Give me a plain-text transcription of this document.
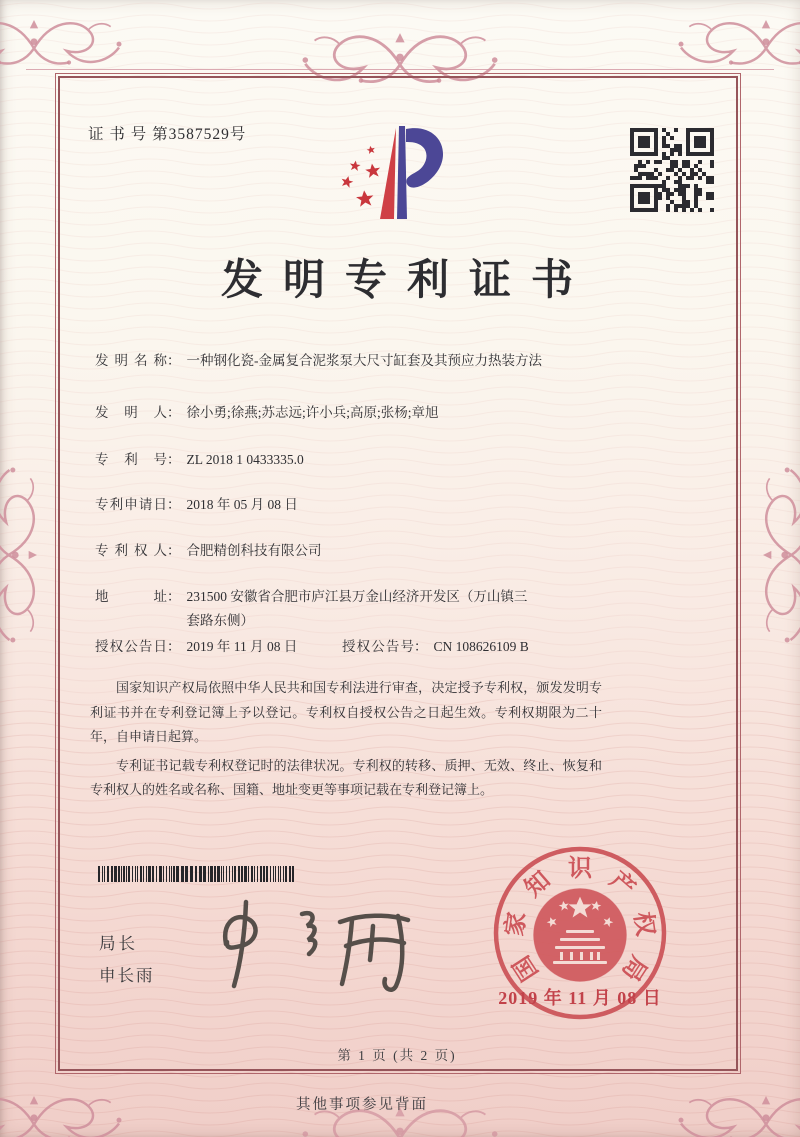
证 书 号 第3587529号
发明专利证书
发明名称： 一种钢化瓷-金属复合泥浆泵大尺寸缸套及其预应力热装方法
发明人： 徐小勇;徐燕;苏志远;许小兵;高原;张杨;章旭
专利号： ZL 2018 1 0433335.0
专利申请日： 2018 年 05 月 08 日
专利权人： 合肥精创科技有限公司
地址： 231500 安徽省合肥市庐江县万金山经济开发区（万山镇三套路东侧）
授权公告日： 2019 年 11 月 08 日	授权公告号： CN 108626109 B

国家知识产权局依照中华人民共和国专利法进行审查，决定授予专利权，颁发发明专利证书并在专利登记簿上予以登记。专利权自授权公告之日起生效。专利权期限为二十年，自申请日起算。

专利证书记载专利权登记时的法律状况。专利权的转移、质押、无效、终止、恢复和专利权人的姓名或名称、国籍、地址变更等事项记载在专利登记簿上。

局长
申长雨	国
家
知 识 产
权
局
2019 年 11 月 08 日
第 1 页 (共 2 页)
其他事项参见背面
